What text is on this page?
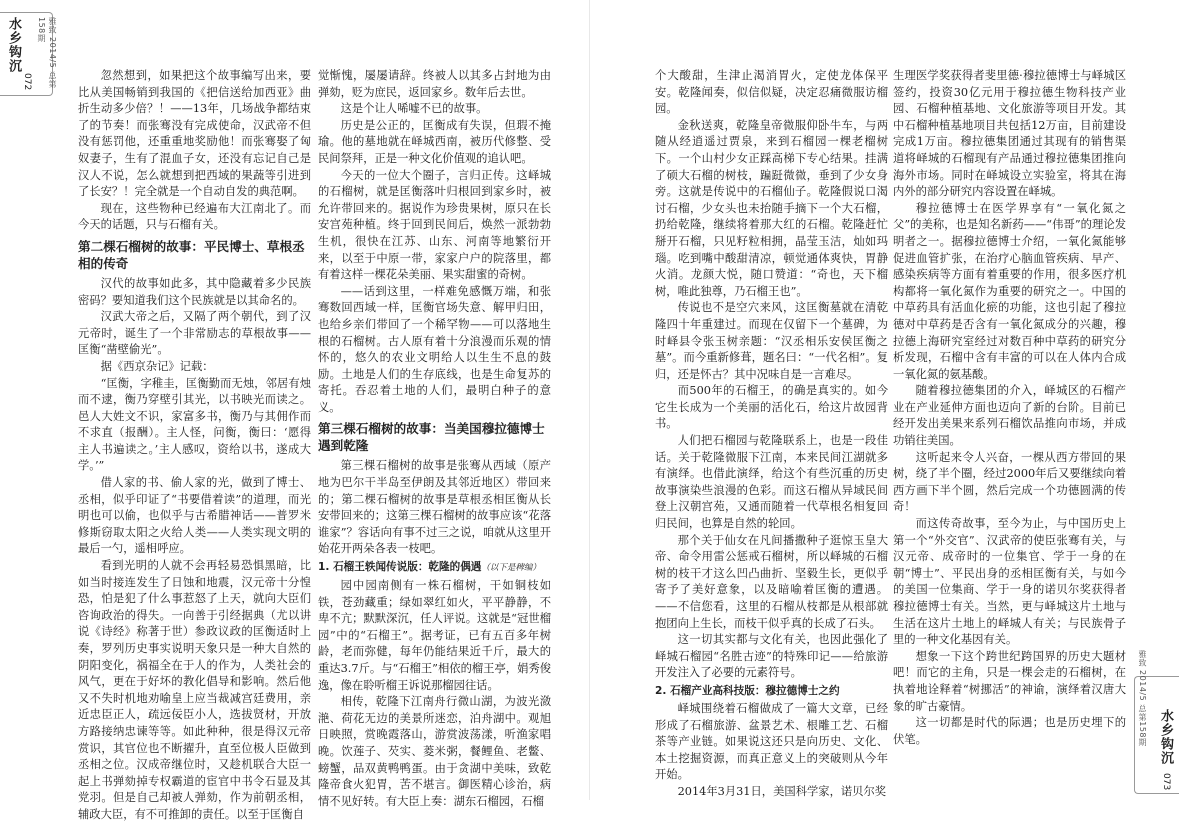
水乡钩沉
072	雅致 2014/5 总第158期
水乡钩沉
073
雅致 2014/5 总第158期

忽然想到，如果把这个故事编写出来，要比从美国畅销到我国的《把信送给加西亚》曲折生动多少倍？！——13年，几场战争都结束了的节奏！而张骞没有完成使命，汉武帝不但没有惩罚他，还重重地奖励他！而张骞娶了匈奴妻子，生有了混血子女，还没有忘记自己是汉人不说，怎么就想到把西域的果蔬等引进到了长安？！完全就是一个自动自发的典范啊。

现在，这些物种已经遍布大江南北了。而今天的话题，只与石榴有关。

第二棵石榴树的故事：平民博士、草根丞相的传奇

汉代的故事如此多，其中隐藏着多少民族密码？要知道我们这个民族就是以其命名的。

汉武大帝之后，又隔了两个朝代，到了汉元帝时，诞生了一个非常励志的草根故事——匡衡“凿壁偷光”。

据《西京杂记》记载：

“匡衡，字稚圭，匡衡勤而无烛，邻居有烛而不逮，衡乃穿壁引其光，以书映光而读之。邑人大姓文不识，家富多书，衡乃与其佣作而不求直（报酬）。主人怪，问衡，衡曰：‘愿得主人书遍读之。’主人感叹，资给以书，遂成大学。’”

借人家的书、偷人家的光，做到了博士、丞相，似乎印证了“书要借着读”的道理，而光明也可以偷，也似乎与古希腊神话——普罗米修斯窃取太阳之火给人类——人类实现文明的最后一勺，遥相呼应。

看到光明的人就不会再轻易恐惧黑暗，比如当时接连发生了日蚀和地震，汉元帝十分惶恐，怕是犯了什么事惹怒了上天，就向大臣们咨询政治的得失。一向善于引经据典（尤以讲说《诗经》称著于世）参政议政的匡衡适时上奏，罗列历史事实说明天象只是一种大自然的阴阳变化，祸福全在于人的作为，人类社会的风气，更在于好坏的教化倡导和影响。然后他又不失时机地劝喻皇上应当裁减宫廷费用，亲近忠臣正人，疏远佞臣小人，选拔贤材，开放方路接纳忠谏等等。如此种种，很是得汉元帝赏识，其官位也不断擢升，直至位极人臣做到丞相之位。汉成帝继位时，又趁机联合大臣一起上书弹劾掉专权霸道的宦官中书令石显及其党羽。但是自己却被人弹劾，作为前朝丞相，辅政大臣，有不可推卸的责任。以至于匡衡自

觉惭愧，屡屡请辞。终被人以其多占封地为由弹劾，贬为庶民，返回家乡。数年后去世。

这是个让人唏嘘不已的故事。

历史是公正的，匡衡成有失误，但瑕不掩瑜。他的墓地就在峄城西南，被历代修整、受民间祭拜，正是一种文化价值观的追认吧。

今天的一位大个圈子，言归正传。这峄城的石榴树，就是匡衡落叶归根回到家乡时，被允许带回来的。据说作为珍贵果树，原只在长安宫苑种植。终于回到民间后，焕然一派勃勃生机，很快在江苏、山东、河南等地繁衍开来，以至于中原一带，家家户户的院落里，都有着这样一棵花朵美丽、果实甜蜜的奇树。

——话到这里，一样难免感慨万端，和张骞数回西域一样，匡衡官场失意、解甲归田，也给乡亲们带回了一个稀罕物——可以落地生根的石榴树。古人原有着十分浪漫而乐观的情怀的，悠久的农业文明给人以生生不息的鼓励。土地是人们的生存底线，也是生命复苏的寄托。吞忍着土地的人们，最明白种子的意义。

第三棵石榴树的故事：当美国穆拉德博士遇到乾隆

第三棵石榴树的故事是张骞从西域（原产地为巴尔干半岛至伊朗及其邻近地区）带回来的；第二棵石榴树的故事是草根丞相匡衡从长安带回来的；这第三棵石榴树的故事应该“花落谁家”？容话向有事不过三之说，咱就从这里开始花开两朵各表一枝吧。

1. 石榴王轶闻传说版：乾隆的偶遇（以下是稗编）

园中园南侧有一株石榴树，干如铜枝如铁，苍劲藏重；绿如翠红如火，平平静静，不卑不亢；默默深沉，任人评说。这就是“冠世榴园”中的“石榴王”。据考证，已有五百多年树龄，老而弥健，每年仍能结果近千斤，最大的重达3.7斤。与“石榴王”相依的榴王亭，娟秀俊逸，像在聆听榴王诉说那榴园往话。

相传，乾隆下江南舟行微山湖，为波光潋滟、荷花无边的美景所迷恋，泊舟湖中。观旭日映照，赏晚霞落山，游赏波荡漾，听渔家唱晚。饮莲子、芡实、菱米粥，餐鲤鱼、老鳖、螃蟹，品双黄鸭鸭蛋。由于贪湖中美味，致乾隆帝食火犯胃，苦不堪言。御医精心诊治，病情不见好转。有大臣上奏：湖东石榴园，石榴

个大酸甜，生津止渴消胃火，定使龙体保平安。乾隆闻奏，似信似疑，决定忍痛微服访榴园。

金秋送爽，乾隆皇帝微服仰卧牛车，与两随从经逍遥过贾泉，来到石榴园一棵老榴树下。一个山村少女正踩高梯下专心结果。挂满了硕大石榴的树枝，蹁跹微微，垂到了少女身旁。这就是传说中的石榴仙子。乾隆假说口渴讨石榴，少女头也未抬随手摘下一个大石榴，扔给乾隆，继续将着那大红的石榴。乾隆赶忙掰开石榴，只见籽粒相拥，晶莹玉洁，灿如玛瑙。吃到嘴中酸甜清凉，顿觉通体爽快，胃静火消。龙颜大悦，随口赞道：“奇也，天下榴树，唯此独尊，乃石榴王也”。

传说也不是空穴来风，这匡衡墓就在清乾隆四十年重建过。而现在仅留下一个墓碑，为时峄县令张玉树亲题：“汉丞相乐安侯匡衡之墓”。而今重新修葺，题名曰：“一代名相”。复归，还是怀古？其中况味自是一言难尽。

而500年的石榴王，的确是真实的。如今它生长成为一个美丽的活化石，给这片故园背书。

人们把石榴园与乾隆联系上，也是一段佳话。关于乾隆微服下江南，本来民间江湖就多有演绎。也借此演绎，给这个有些沉重的历史故事演染些浪漫的色彩。而这石榴从异域民间登上汉朝宫苑，又通而随着一代草根名相复回归民间，也算是自然的轮回。

那个关于仙女在凡间播撒种子逛惊玉皇大帝、命令用雷公惩戒石榴树，所以峄城的石榴树的枝干才这么凹凸曲折、坚毅生长，更似乎寄予了美好意象，以及暗喻着匡衡的遭遇。——不信您看，这里的石榴从枝都是从根部就抱团向上生长，而枝干似乎真的长成了石头。

这一切其实都与文化有关，也因此强化了峄城石榴园“名胜古迹”的特殊印记——给旅游开发注入了必要的元素符号。

2. 石榴产业高科技版：穆拉德博士之约

峄城围绕着石榴做成了一篇大文章，已经形成了石榴旅游、盆景艺术、根雕工艺、石榴茶等产业链。如果说这还只是向历史、文化、本土挖掘资源，而真正意义上的突破则从今年开始。

2014年3月31日，美国科学家，诺贝尔奖

生理医学奖获得者斐里德·穆拉德博士与峄城区签约，投资30亿元用于穆拉德生物科技产业园、石榴种植基地、文化旅游等项目开发。其中石榴种植基地项目共包括12万亩，目前建设完成1万亩。穆拉德集团通过其现有的销售渠道将峄城的石榴现有产品通过穆拉德集团推向海外市场。同时在峄城设立实验室，将其在海内外的部分研究内容设置在峄城。

穆拉德博士在医学界享有“一氧化氮之父”的美称，也是知名新药——“伟哥”的理论发明者之一。据穆拉德博士介绍，一氧化氮能够促进血管扩张，在治疗心脑血管疾病、早产、感染疾病等方面有着重要的作用，很多医疗机构都将一氧化氮作为重要的研究之一。中国的中草药具有活血化瘀的功能，这也引起了穆拉德对中草药是否含有一氧化氮成分的兴趣，穆拉德上海研究室经过对数百种中草药的研究分析发现，石榴中含有丰富的可以在人体内合成一氧化氮的氨基酸。

随着穆拉德集团的介入，峄城区的石榴产业在产业延伸方面也迈向了新的台阶。目前已经开发出美果来系列石榴饮品推向市场，并成功销往美国。

这听起来令人兴奋，一棵从西方带回的果树，绕了半个圈，经过2000年后又要继续向着西方画下半个圆，然后完成一个功德圆满的传奇！

而这传奇故事，至今为止，与中国历史上第一个“外交官”、汉武帝的使臣张骞有关，与汉元帝、成帝时的一位集官、学于一身的在朝“博士”、平民出身的丞相匡衡有关，与如今的美国一位集商、学于一身的诺贝尔奖获得者穆拉德博士有关。当然，更与峄城这片土地与生活在这片土地上的峄城人有关；与民族骨子里的一种文化基因有关。

想象一下这个跨世纪跨国界的历史大题材吧！而它的主角，只是一棵会走的石榴树，在执着地诠释着“树挪活”的神谕，演绎着汉唐大象的旷古豪情。

这一切都是时代的际遇；也是历史埋下的伏笔。
